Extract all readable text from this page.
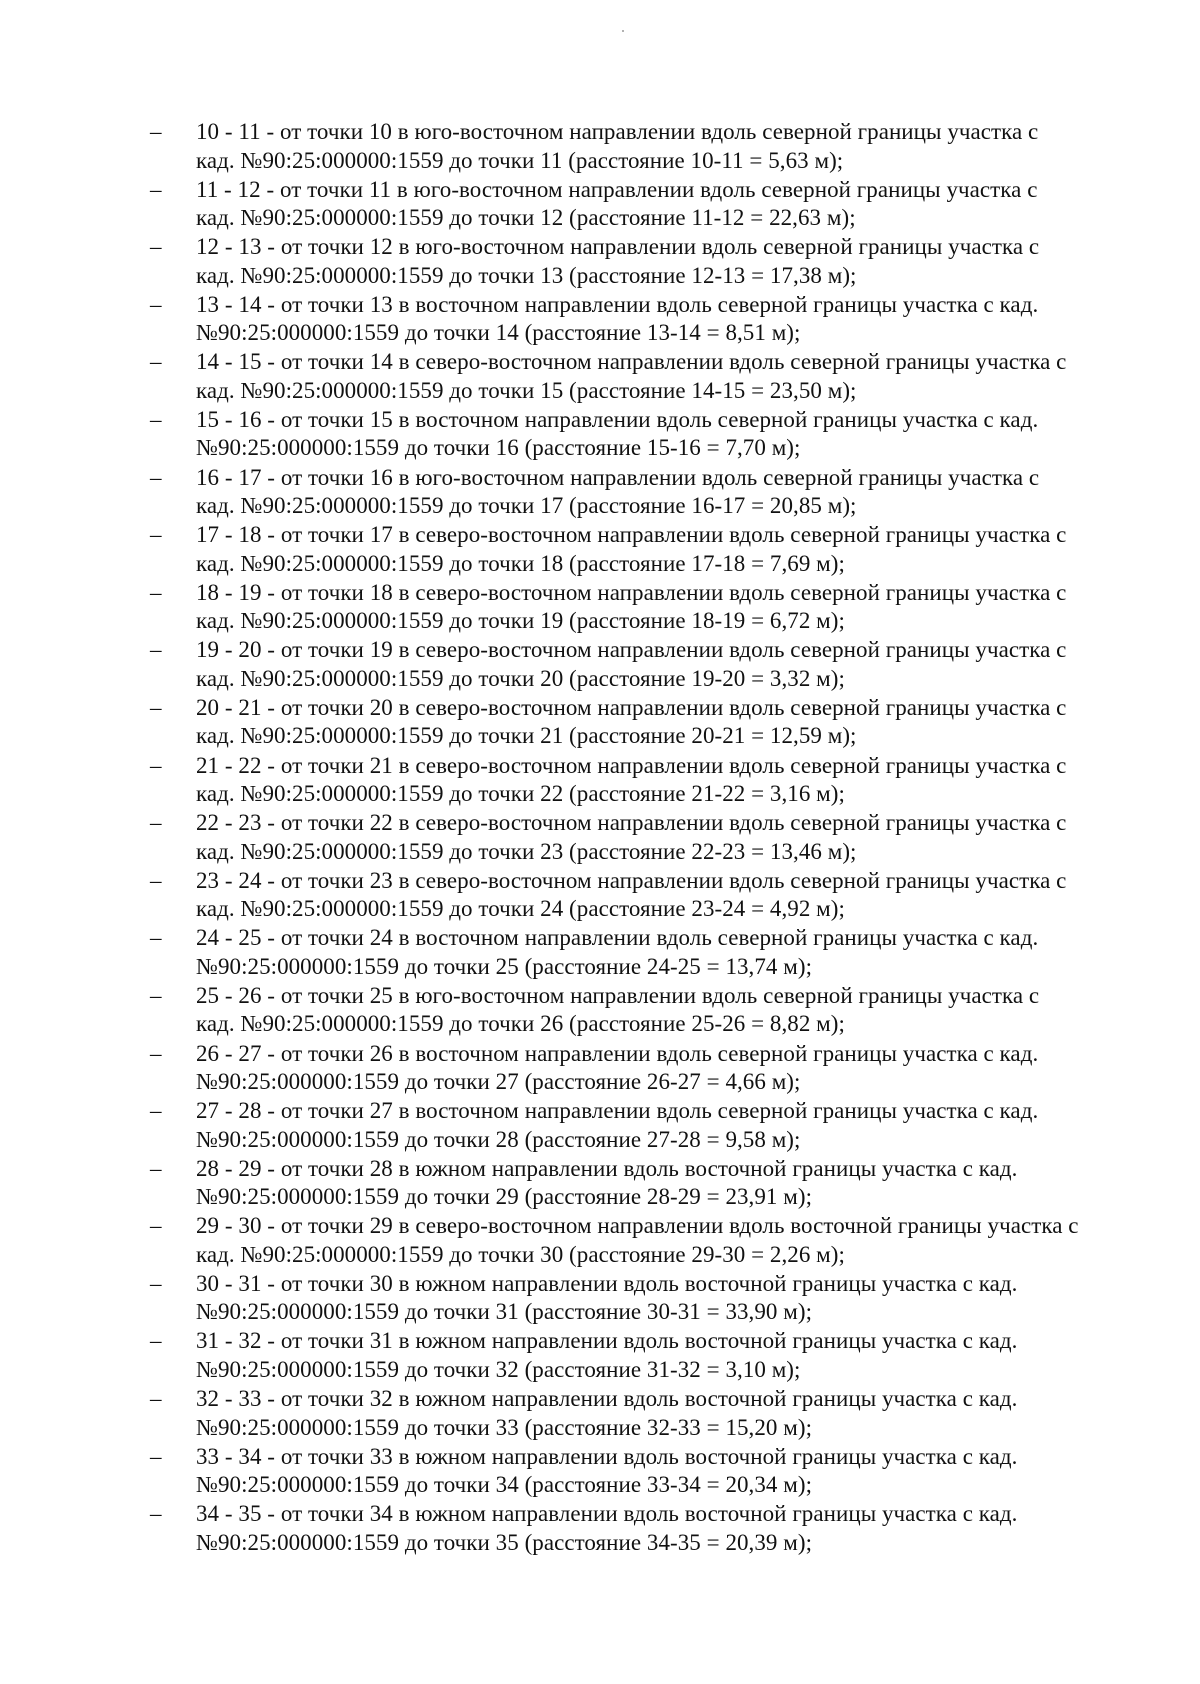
–	10 - 11 - от точки 10 в юго-восточном направлении вдоль северной границы участка с
кад. №90:25:000000:1559 до точки 11 (расстояние 10-11 = 5,63 м);
–	11 - 12 - от точки 11 в юго-восточном направлении вдоль северной границы участка с
кад. №90:25:000000:1559 до точки 12 (расстояние 11-12 = 22,63 м);
–	12 - 13 - от точки 12 в юго-восточном направлении вдоль северной границы участка с
кад. №90:25:000000:1559 до точки 13 (расстояние 12-13 = 17,38 м);
–	13 - 14 - от точки 13 в восточном направлении вдоль северной границы участка с кад.
№90:25:000000:1559 до точки 14 (расстояние 13-14 = 8,51 м);
–	14 - 15 - от точки 14 в северо-восточном направлении вдоль северной границы участка с
кад. №90:25:000000:1559 до точки 15 (расстояние 14-15 = 23,50 м);
–	15 - 16 - от точки 15 в восточном направлении вдоль северной границы участка с кад.
№90:25:000000:1559 до точки 16 (расстояние 15-16 = 7,70 м);
–	16 - 17 - от точки 16 в юго-восточном направлении вдоль северной границы участка с
кад. №90:25:000000:1559 до точки 17 (расстояние 16-17 = 20,85 м);
–	17 - 18 - от точки 17 в северо-восточном направлении вдоль северной границы участка с
кад. №90:25:000000:1559 до точки 18 (расстояние 17-18 = 7,69 м);
–	18 - 19 - от точки 18 в северо-восточном направлении вдоль северной границы участка с
кад. №90:25:000000:1559 до точки 19 (расстояние 18-19 = 6,72 м);
–	19 - 20 - от точки 19 в северо-восточном направлении вдоль северной границы участка с
кад. №90:25:000000:1559 до точки 20 (расстояние 19-20 = 3,32 м);
–	20 - 21 - от точки 20 в северо-восточном направлении вдоль северной границы участка с
кад. №90:25:000000:1559 до точки 21 (расстояние 20-21 = 12,59 м);
–	21 - 22 - от точки 21 в северо-восточном направлении вдоль северной границы участка с
кад. №90:25:000000:1559 до точки 22 (расстояние 21-22 = 3,16 м);
–	22 - 23 - от точки 22 в северо-восточном направлении вдоль северной границы участка с
кад. №90:25:000000:1559 до точки 23 (расстояние 22-23 = 13,46 м);
–	23 - 24 - от точки 23 в северо-восточном направлении вдоль северной границы участка с
кад. №90:25:000000:1559 до точки 24 (расстояние 23-24 = 4,92 м);
–	24 - 25 - от точки 24 в восточном направлении вдоль северной границы участка с кад.
№90:25:000000:1559 до точки 25 (расстояние 24-25 = 13,74 м);
–	25 - 26 - от точки 25 в юго-восточном направлении вдоль северной границы участка с
кад. №90:25:000000:1559 до точки 26 (расстояние 25-26 = 8,82 м);
–	26 - 27 - от точки 26 в восточном направлении вдоль северной границы участка с кад.
№90:25:000000:1559 до точки 27 (расстояние 26-27 = 4,66 м);
–	27 - 28 - от точки 27 в восточном направлении вдоль северной границы участка с кад.
№90:25:000000:1559 до точки 28 (расстояние 27-28 = 9,58 м);
–	28 - 29 - от точки 28 в южном направлении вдоль восточной границы участка с кад.
№90:25:000000:1559 до точки 29 (расстояние 28-29 = 23,91 м);
–	29 - 30 - от точки 29 в северо-восточном направлении вдоль восточной границы участка с
кад. №90:25:000000:1559 до точки 30 (расстояние 29-30 = 2,26 м);
–	30 - 31 - от точки 30 в южном направлении вдоль восточной границы участка с кад.
№90:25:000000:1559 до точки 31 (расстояние 30-31 = 33,90 м);
–	31 - 32 - от точки 31 в южном направлении вдоль восточной границы участка с кад.
№90:25:000000:1559 до точки 32 (расстояние 31-32 = 3,10 м);
–	32 - 33 - от точки 32 в южном направлении вдоль восточной границы участка с кад.
№90:25:000000:1559 до точки 33 (расстояние 32-33 = 15,20 м);
–	33 - 34 - от точки 33 в южном направлении вдоль восточной границы участка с кад.
№90:25:000000:1559 до точки 34 (расстояние 33-34 = 20,34 м);
–	34 - 35 - от точки 34 в южном направлении вдоль восточной границы участка с кад.
№90:25:000000:1559 до точки 35 (расстояние 34-35 = 20,39 м);
